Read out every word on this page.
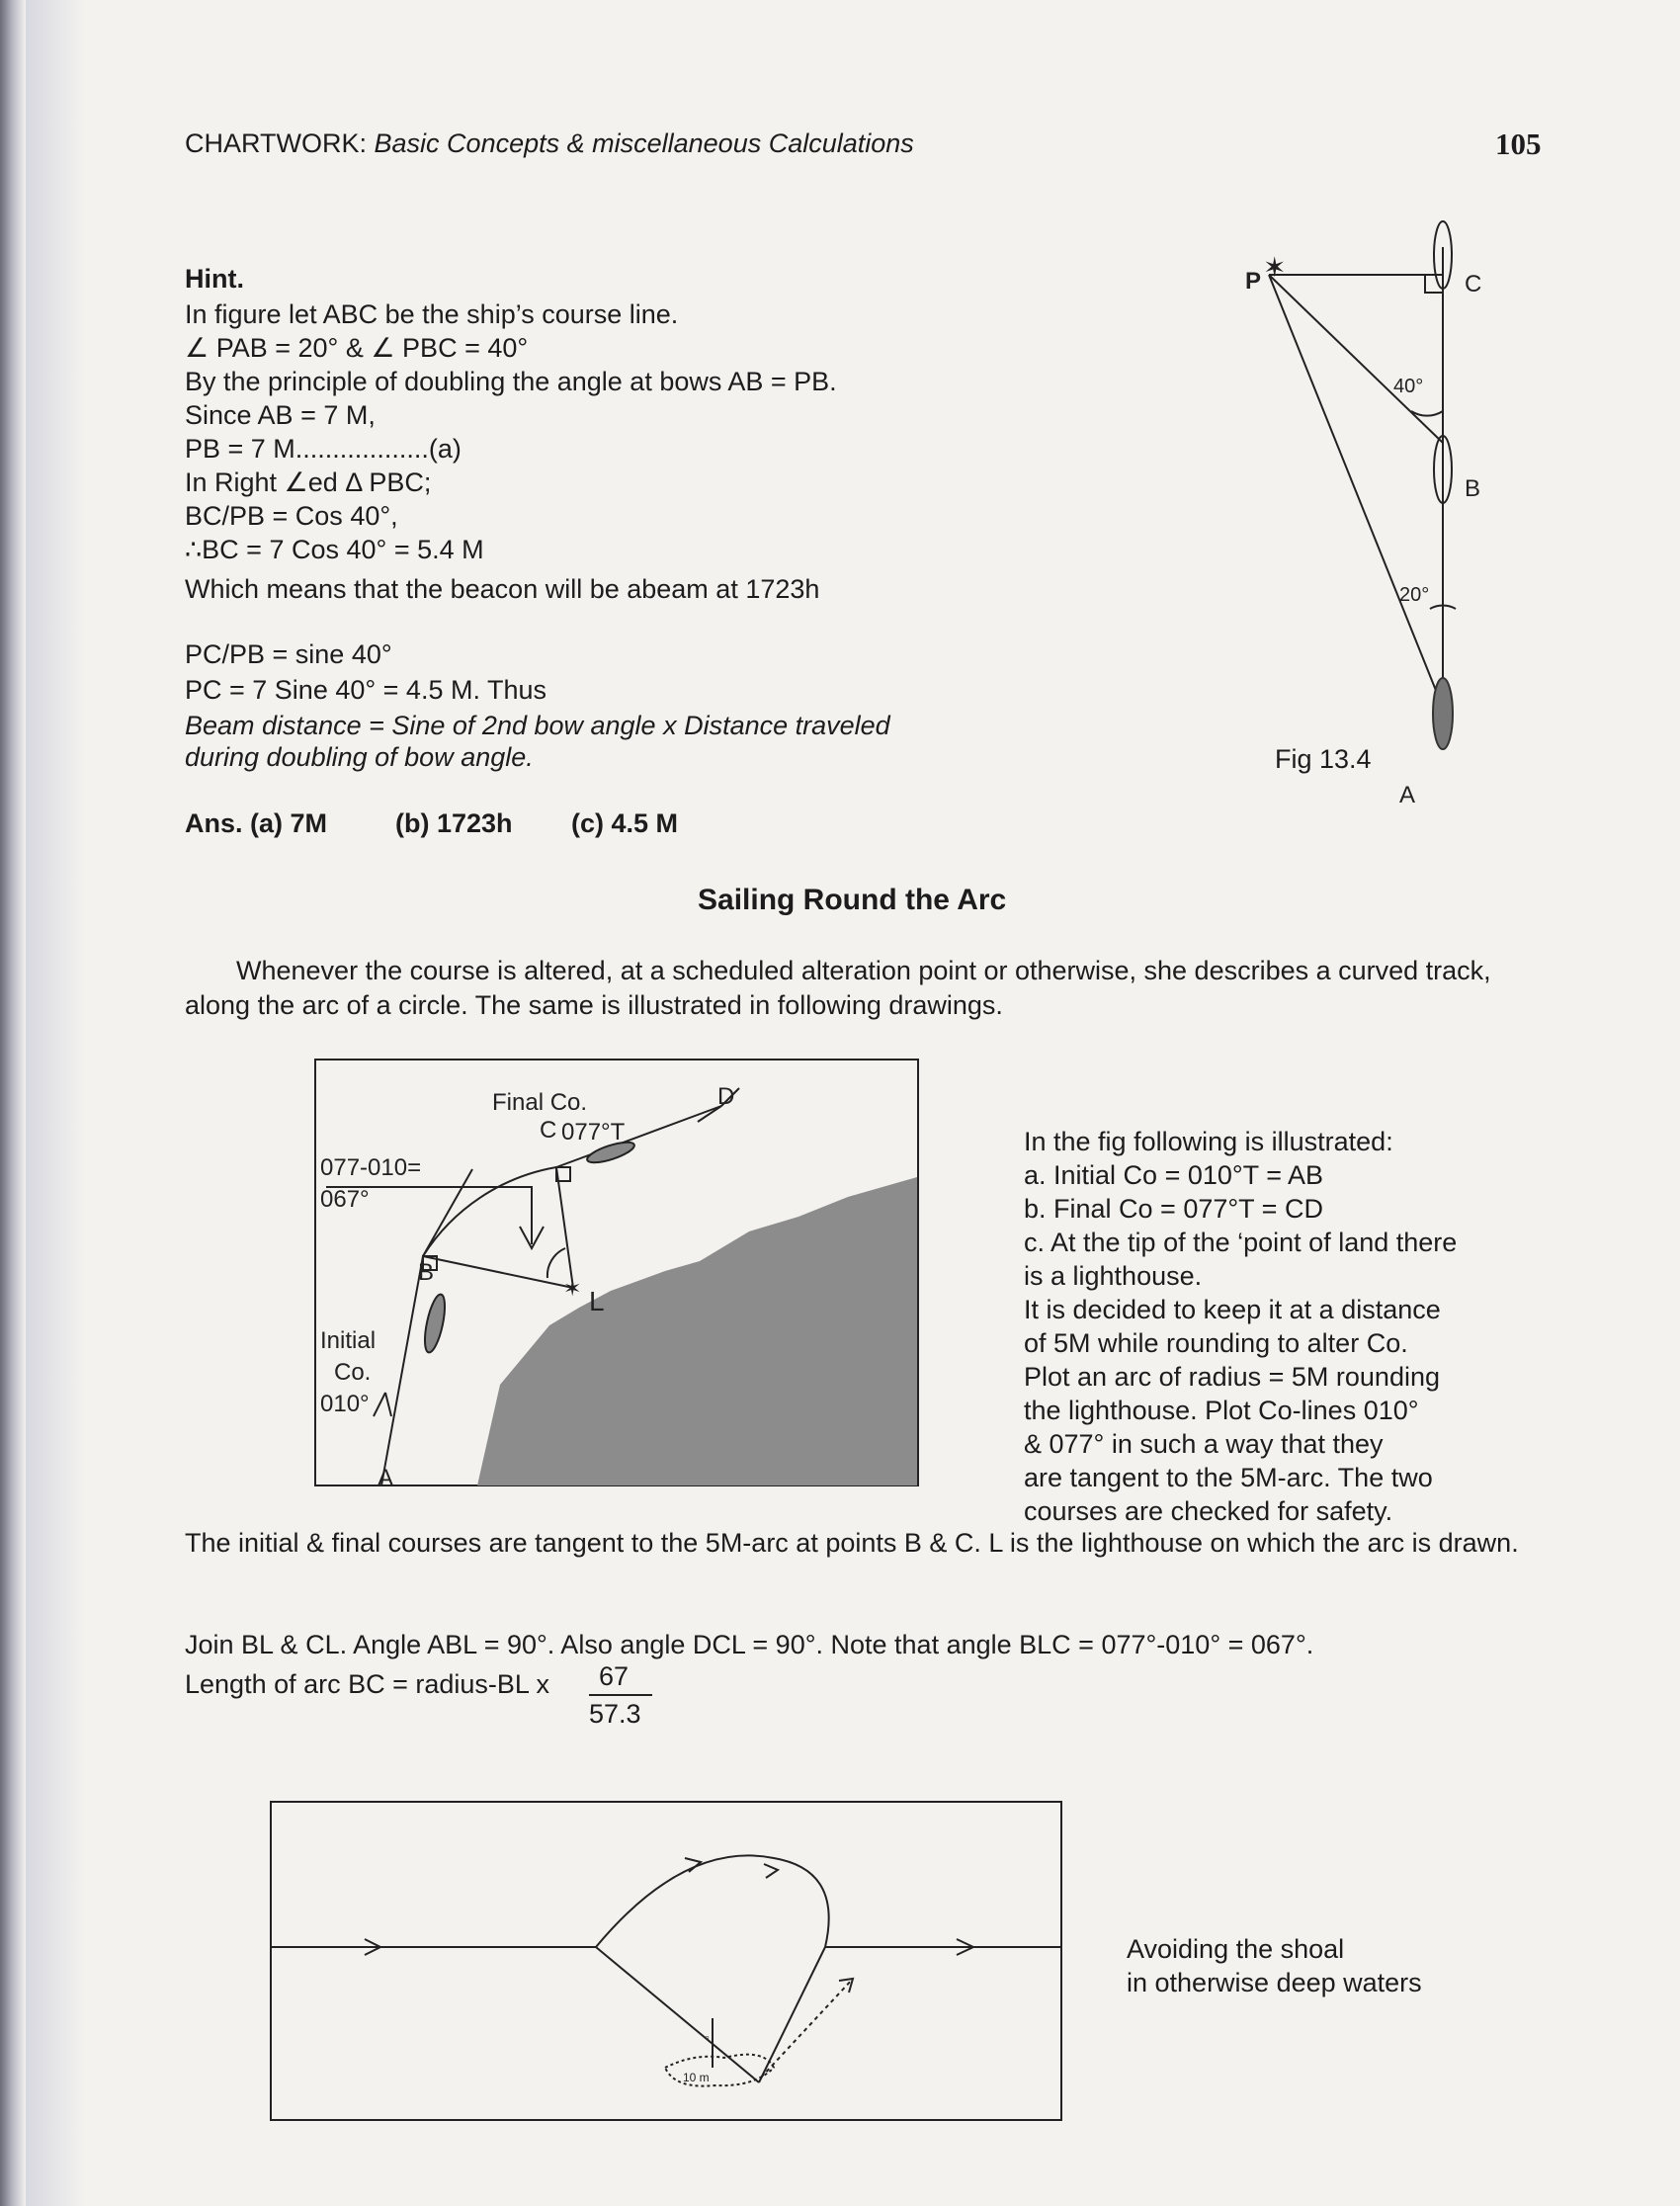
CHARTWORK: Basic Concepts & miscellaneous Calculations	105
Hint.
In figure let ABC be the ship’s course line.
∠ PAB = 20° & ∠ PBC = 40°
By the principle of doubling the angle at bows AB = PB.
Since AB = 7 M,
PB = 7 M..................(a)
In Right ∠ed Δ PBC;
BC/PB = Cos 40°,
∴BC = 7 Cos 40° = 5.4 M
Which means that the beacon will be abeam at 1723h
PC/PB = sine 40°
PC = 7 Sine 40° = 4.5 M. Thus
Beam distance = Sine of 2nd bow angle x Distance traveled
during doubling of bow angle.
Ans. (a) 7M	(b) 1723h (c) 4.5 M
✶
P	C
B
40°
20°
A
Fig 13.4
Sailing Round the Arc
Whenever the course is altered, at a scheduled alteration point or otherwise, she describes a curved track, along the arc of a circle. The same is illustrated in following drawings.
✶
Final Co.	D
077°T
C
077-010=
067°
B
L
Initial
Co.
010°
A
In the fig following is illustrated:
a. Initial Co = 010°T = AB
b. Final Co = 077°T = CD
c. At the tip of the ‘point of land there
is a lighthouse.
It is decided to keep it at a distance
of 5M while rounding to alter Co.
Plot an arc of radius = 5M rounding
the lighthouse. Plot Co-lines 010°
& 077° in such a way that they
are tangent to the 5M-arc. The two
courses are checked for safety.
The initial & final courses are tangent to the 5M-arc at points B & C. L is the lighthouse on which the arc is drawn.
Join BL & CL. Angle ABL = 90°. Also angle DCL = 90°. Note that angle BLC = 077°-010° = 067°.
Length of arc BC = radius-BL x 67
57.3
◦
10 m
Avoiding the shoal
in otherwise deep waters
